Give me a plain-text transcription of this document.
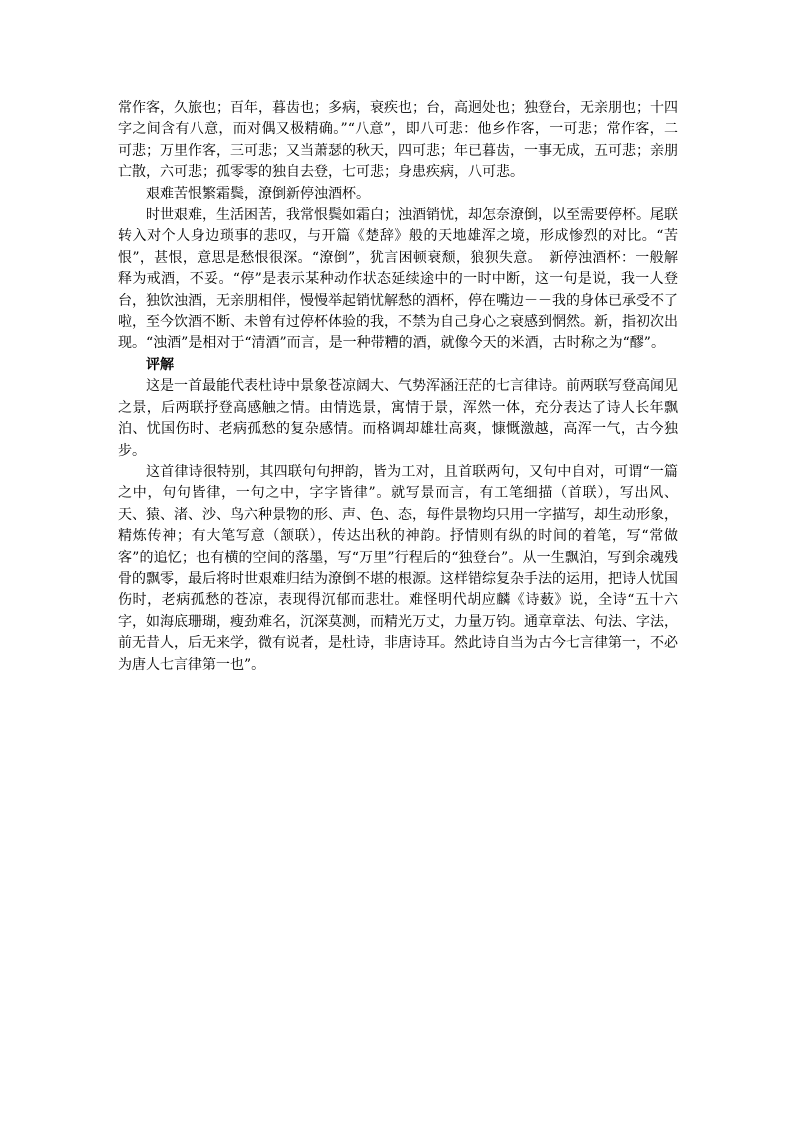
常作客，久旅也；百年，暮齿也；多病，衰疾也；台，高迥处也；独登台，无亲朋也；十四字之间含有八意，而对偶又极精确。”“八意”，即八可悲：他乡作客，一可悲；常作客，二可悲；万里作客，三可悲；又当萧瑟的秋天，四可悲；年已暮齿，一事无成，五可悲；亲朋亡散，六可悲；孤零零的独自去登，七可悲；身患疾病，八可悲。

艰难苦恨繁霜鬓，潦倒新停浊酒杯。

时世艰难，生活困苦，我常恨鬓如霜白；浊酒销忧，却怎奈潦倒，以至需要停杯。尾联转入对个人身边琐事的悲叹，与开篇《楚辞》般的天地雄浑之境，形成惨烈的对比。“苦恨”，甚恨，意思是愁恨很深。“潦倒”，犹言困顿衰颓，狼狈失意。　新停浊酒杯：一般解释为戒酒，不妥。“停”是表示某种动作状态延续途中的一时中断，这一句是说，我一人登台，独饮浊酒，无亲朋相伴，慢慢举起销忧解愁的酒杯，停在嘴边－－我的身体已承受不了啦，至今饮酒不断、未曾有过停杯体验的我，不禁为自己身心之衰感到惘然。新，指初次出现。“浊酒”是相对于“清酒”而言，是一种带糟的酒，就像今天的米酒，古时称之为“醪”。

评解

这是一首最能代表杜诗中景象苍凉阔大、气势浑涵汪茫的七言律诗。前两联写登高闻见之景，后两联抒登高感触之情。由情选景，寓情于景，浑然一体，充分表达了诗人长年飘泊、忧国伤时、老病孤愁的复杂感情。而格调却雄壮高爽，慷慨激越，高浑一气，古今独步。

这首律诗很特别，其四联句句押韵，皆为工对，且首联两句，又句中自对，可谓“一篇之中，句句皆律，一句之中，字字皆律”。就写景而言，有工笔细描（首联），写出风、天、猿、渚、沙、鸟六种景物的形、声、色、态，每件景物均只用一字描写，却生动形象，精炼传神；有大笔写意（颔联），传达出秋的神韵。抒情则有纵的时间的着笔，写“常做客”的追忆；也有横的空间的落墨，写“万里”行程后的“独登台”。从一生飘泊，写到余魂残骨的飘零，最后将时世艰难归结为潦倒不堪的根源。这样错综复杂手法的运用，把诗人忧国伤时，老病孤愁的苍凉，表现得沉郁而悲壮。难怪明代胡应麟《诗薮》说，全诗“五十六字，如海底珊瑚，瘦劲难名，沉深莫测，而精光万丈，力量万钧。通章章法、句法、字法，前无昔人，后无来学，微有说者，是杜诗，非唐诗耳。然此诗自当为古今七言律第一，不必为唐人七言律第一也”。
